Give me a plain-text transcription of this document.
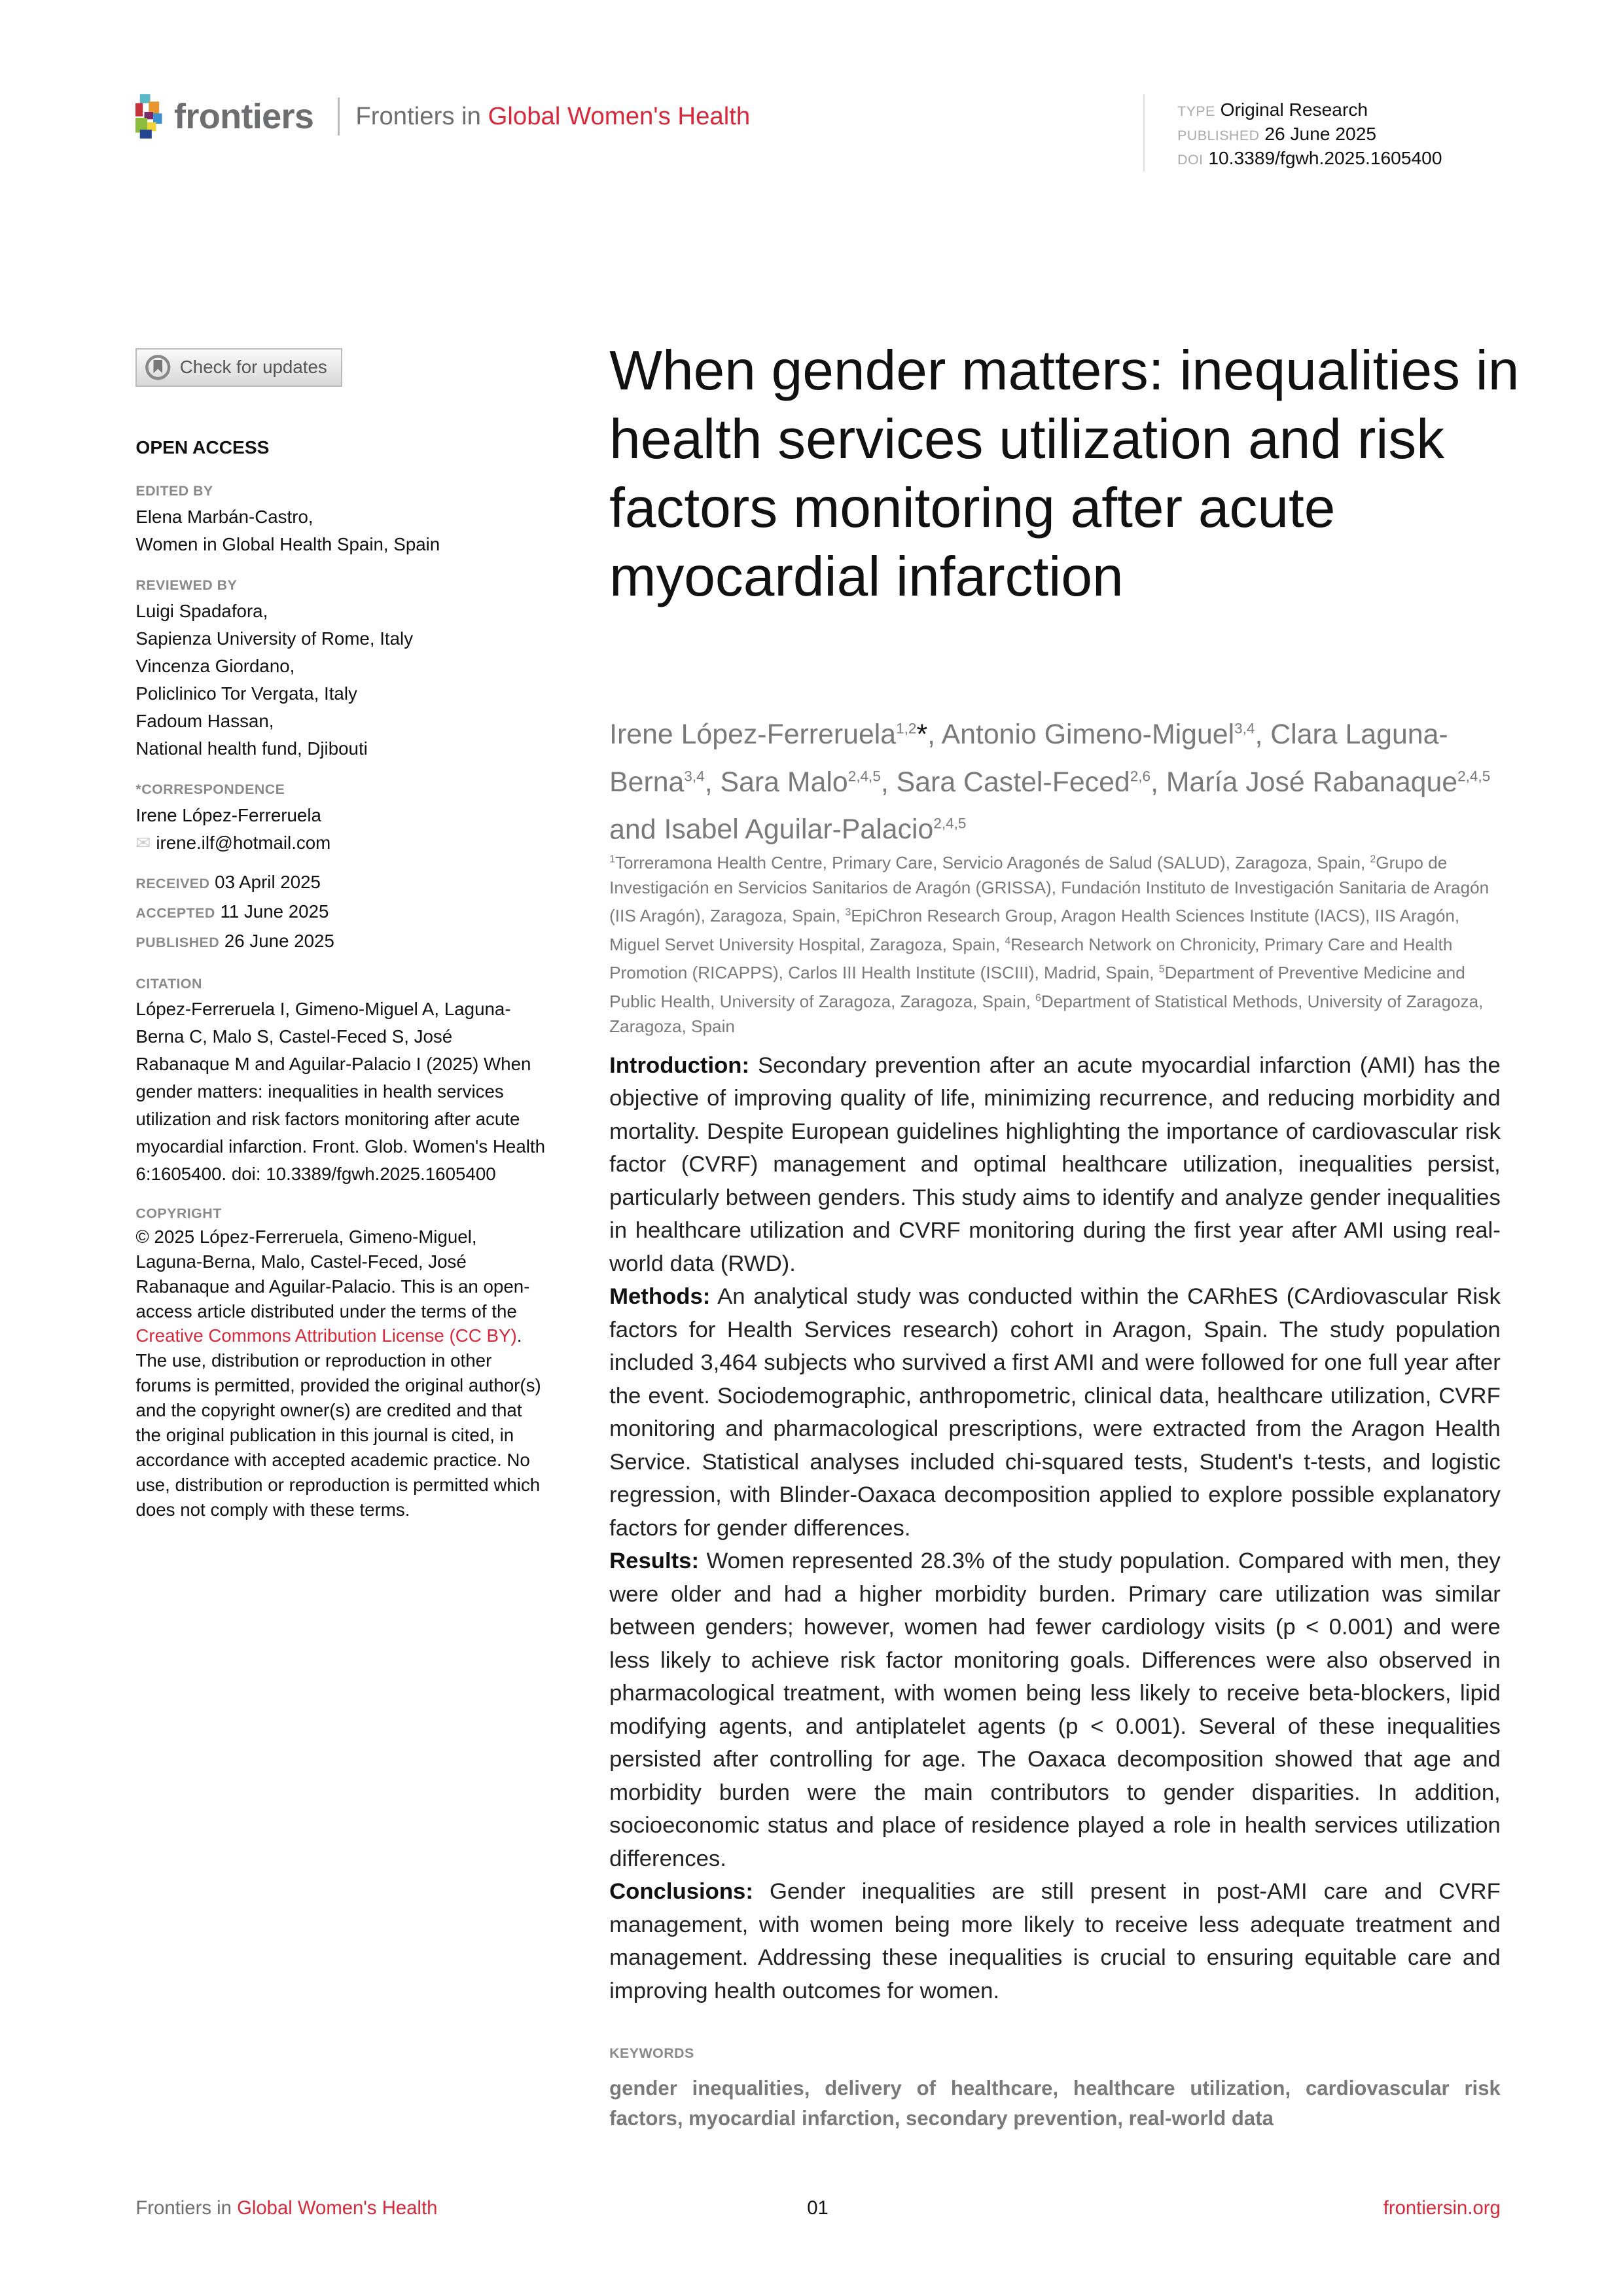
frontiers	Frontiers in Global Women's Health	TYPE Original Research
PUBLISHED 26 June 2025
DOI 10.3389/fgwh.2025.1605400
Check for updates
OPEN ACCESS
EDITED BY
Elena Marbán-Castro,
Women in Global Health Spain, Spain
REVIEWED BY
Luigi Spadafora,
Sapienza University of Rome, Italy
Vincenza Giordano,
Policlinico Tor Vergata, Italy
Fadoum Hassan,
National health fund, Djibouti
*CORRESPONDENCE
Irene López-Ferreruela
✉ irene.ilf@hotmail.com
RECEIVED 03 April 2025
ACCEPTED 11 June 2025
PUBLISHED 26 June 2025
CITATION
López-Ferreruela I, Gimeno-Miguel A, Laguna-Berna C, Malo S, Castel-Feced S, José Rabanaque M and Aguilar-Palacio I (2025) When gender matters: inequalities in health services utilization and risk factors monitoring after acute myocardial infarction. Front. Glob. Women's Health 6:1605400. doi: 10.3389/fgwh.2025.1605400
COPYRIGHT
© 2025 López-Ferreruela, Gimeno-Miguel, Laguna-Berna, Malo, Castel-Feced, José Rabanaque and Aguilar-Palacio. This is an open-access article distributed under the terms of the Creative Commons Attribution License (CC BY). The use, distribution or reproduction in other forums is permitted, provided the original author(s) and the copyright owner(s) are credited and that the original publication in this journal is cited, in accordance with accepted academic practice. No use, distribution or reproduction is permitted which does not comply with these terms.
When gender matters: inequalities in health services utilization and risk factors monitoring after acute myocardial infarction
Irene López-Ferreruela$^{1,2}$*, Antonio Gimeno-Miguel$^{3,4}$, Clara Laguna-Berna$^{3,4}$, Sara Malo$^{2,4,5}$, Sara Castel-Feced$^{2,6}$, María José Rabanaque$^{2,4,5}$ and Isabel Aguilar-Palacio$^{2,4,5}$
$^1$Torreramona Health Centre, Primary Care, Servicio Aragonés de Salud (SALUD), Zaragoza, Spain, $^2$Grupo de Investigación en Servicios Sanitarios de Aragón (GRISSA), Fundación Instituto de Investigación Sanitaria de Aragón (IIS Aragón), Zaragoza, Spain, $^3$EpiChron Research Group, Aragon Health Sciences Institute (IACS), IIS Aragón, Miguel Servet University Hospital, Zaragoza, Spain, $^4$Research Network on Chronicity, Primary Care and Health Promotion (RICAPPS), Carlos III Health Institute (ISCIII), Madrid, Spain, $^5$Department of Preventive Medicine and Public Health, University of Zaragoza, Zaragoza, Spain, $^6$Department of Statistical Methods, University of Zaragoza, Zaragoza, Spain

Introduction: Secondary prevention after an acute myocardial infarction (AMI) has the objective of improving quality of life, minimizing recurrence, and reducing morbidity and mortality. Despite European guidelines highlighting the importance of cardiovascular risk factor (CVRF) management and optimal healthcare utilization, inequalities persist, particularly between genders. This study aims to identify and analyze gender inequalities in healthcare utilization and CVRF monitoring during the first year after AMI using real-world data (RWD).

Methods: An analytical study was conducted within the CARhES (CArdiovascular Risk factors for Health Services research) cohort in Aragon, Spain. The study population included 3,464 subjects who survived a first AMI and were followed for one full year after the event. Sociodemographic, anthropometric, clinical data, healthcare utilization, CVRF monitoring and pharmacological prescriptions, were extracted from the Aragon Health Service. Statistical analyses included chi-squared tests, Student's t-tests, and logistic regression, with Blinder-Oaxaca decomposition applied to explore possible explanatory factors for gender differences.

Results: Women represented 28.3% of the study population. Compared with men, they were older and had a higher morbidity burden. Primary care utilization was similar between genders; however, women had fewer cardiology visits (p < 0.001) and were less likely to achieve risk factor monitoring goals. Differences were also observed in pharmacological treatment, with women being less likely to receive beta-blockers, lipid modifying agents, and antiplatelet agents (p < 0.001). Several of these inequalities persisted after controlling for age. The Oaxaca decomposition showed that age and morbidity burden were the main contributors to gender disparities. In addition, socioeconomic status and place of residence played a role in health services utilization differences.

Conclusions: Gender inequalities are still present in post-AMI care and CVRF management, with women being more likely to receive less adequate treatment and management. Addressing these inequalities is crucial to ensuring equitable care and improving health outcomes for women.

KEYWORDS
gender inequalities, delivery of healthcare, healthcare utilization, cardiovascular risk factors, myocardial infarction, secondary prevention, real-world data
Frontiers in Global Women's Health	01	frontiersin.org
